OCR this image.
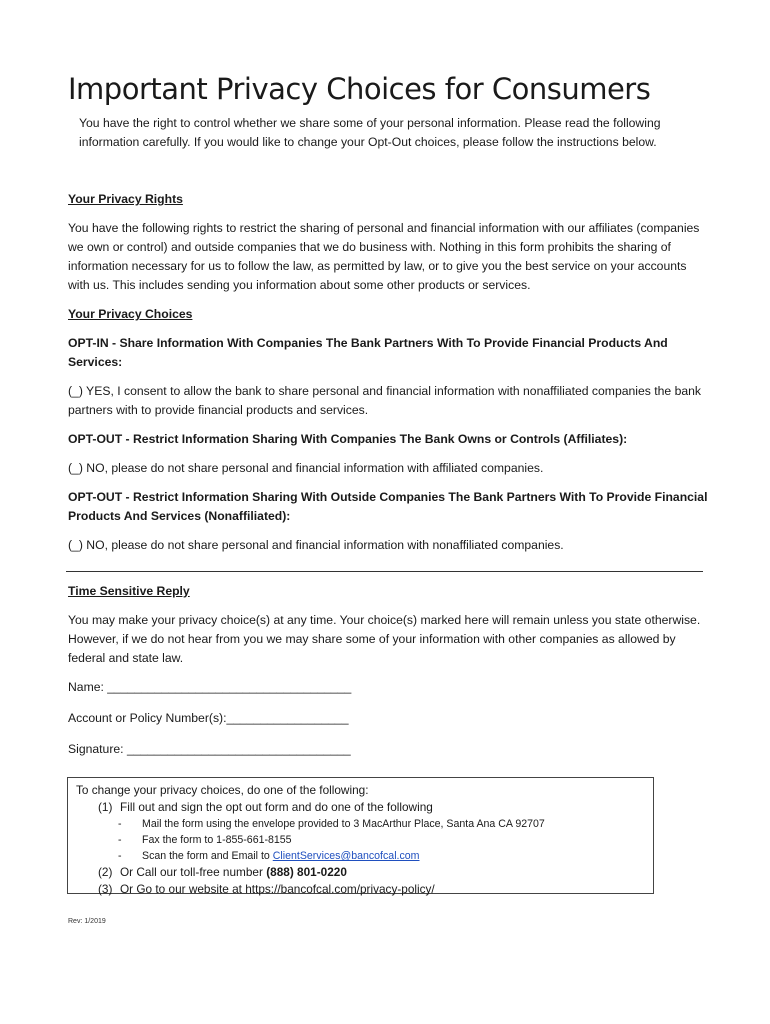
Important Privacy Choices for Consumers

You have the right to control whether we share some of your personal information. Please read the following information carefully. If you would like to change your Opt-Out choices, please follow the instructions below.

Your Privacy Rights

You have the following rights to restrict the sharing of personal and financial information with our affiliates (companies we own or control) and outside companies that we do business with. Nothing in this form prohibits the sharing of information necessary for us to follow the law, as permitted by law, or to give you the best service on your accounts with us. This includes sending you information about some other products or services.

Your Privacy Choices

OPT-IN - Share Information With Companies The Bank Partners With To Provide Financial Products And Services:

(_) YES, I consent to allow the bank to share personal and financial information with nonaffiliated companies the bank partners with to provide financial products and services.

OPT-OUT - Restrict Information Sharing With Companies The Bank Owns or Controls (Affiliates):

(_) NO, please do not share personal and financial information with affiliated companies.

OPT-OUT - Restrict Information Sharing With Outside Companies The Bank Partners With To Provide Financial Products And Services (Nonaffiliated):

(_) NO, please do not share personal and financial information with nonaffiliated companies.

Time Sensitive Reply

You may make your privacy choice(s) at any time. Your choice(s) marked here will remain unless you state otherwise. However, if we do not hear from you we may share some of your information with other companies as allowed by federal and state law.

Name: ____________________________________

Account or Policy Number(s):__________________

Signature: _________________________________

To change your privacy choices, do one of the following:

(1) Fill out and sign the opt out form and do one of the following

- Mail the form using the envelope provided to 3 MacArthur Place, Santa Ana CA 92707

- Fax the form to 1-855-661-8155

- Scan the form and Email to ClientServices@bancofcal.com

(2) Or Call our toll-free number (888) 801-0220

(3) Or Go to our website at https://bancofcal.com/privacy-policy/

Rev: 1/2019
